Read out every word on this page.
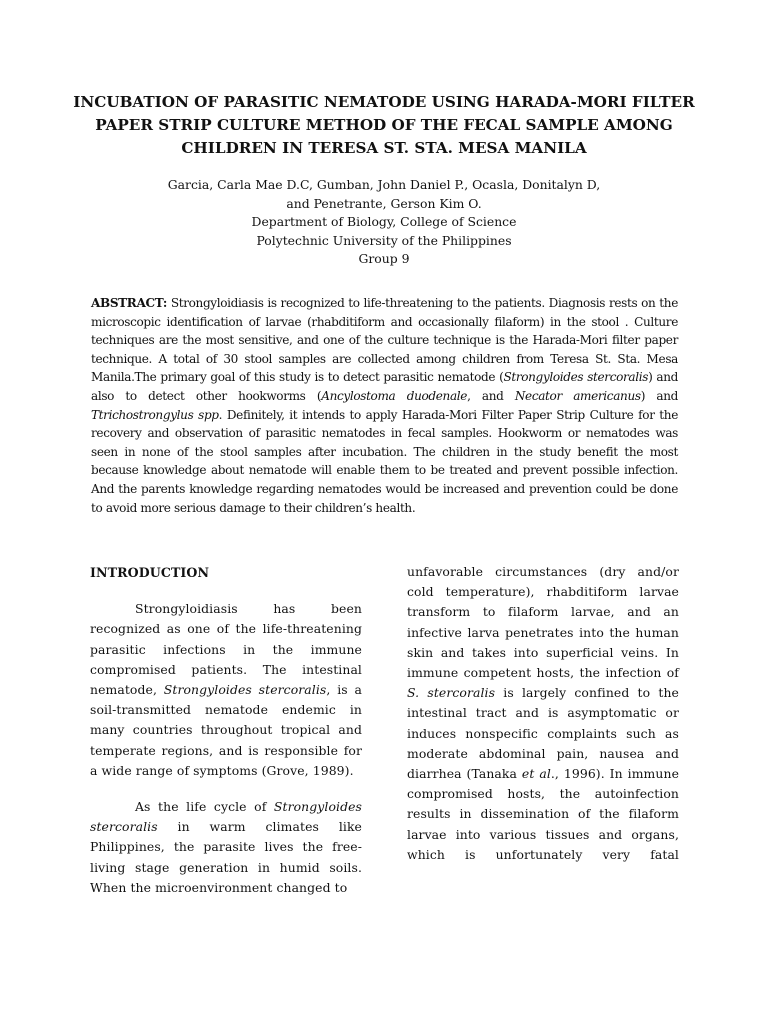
INCUBATION OF PARASITIC NEMATODE USING HARADA-MORI FILTER
PAPER STRIP CULTURE METHOD OF THE FECAL SAMPLE AMONG
CHILDREN IN TERESA ST. STA. MESA MANILA
Garcia, Carla Mae D.C, Gumban, John Daniel P., Ocasla, Donitalyn D,
and Penetrante, Gerson Kim O.
Department of Biology, College of Science
Polytechnic University of the Philippines
Group 9
ABSTRACT: Strongyloidiasis is recognized to life-threatening to the patients. Diagnosis rests on the
microscopic identification of larvae (rhabditiform and occasionally filaform) in the stool . Culture
techniques are the most sensitive, and one of the culture technique is the Harada-Mori filter paper
technique. A total of 30 stool samples are collected among children from Teresa St. Sta. Mesa
Manila.The primary goal of this study is to detect parasitic nematode (Strongyloides stercoralis) and
also to detect other hookworms (Ancylostoma duodenale, and Necator americanus) and
Ttrichostrongylus spp. Definitely, it intends to apply Harada-Mori Filter Paper Strip Culture for the
recovery and observation of parasitic nematodes in fecal samples. Hookworm or nematodes was
seen in none of the stool samples after incubation. The children in the study benefit the most
because knowledge about nematode will enable them to be treated and prevent possible infection.
And the parents knowledge regarding nematodes would be increased and prevention could be done
to avoid more serious damage to their children’s health.
INTRODUCTION
Strongyloidiasis has been
recognized as one of the life-threatening
parasitic infections in the immune
compromised patients. The intestinal
nematode, Strongyloides stercoralis, is a
soil-transmitted nematode endemic in
many countries throughout tropical and
temperate regions, and is responsible for
a wide range of symptoms (Grove, 1989).
As the life cycle of Strongyloides
stercoralis in warm climates like
Philippines, the parasite lives the free-
living stage generation in humid soils.
When the microenvironment changed to
unfavorable circumstances (dry and/or
cold temperature), rhabditiform larvae
transform to filaform larvae, and an
infective larva penetrates into the human
skin and takes into superficial veins. In
immune competent hosts, the infection of
S. stercoralis is largely confined to the
intestinal tract and is asymptomatic or
induces nonspecific complaints such as
moderate abdominal pain, nausea and
diarrhea (Tanaka et al., 1996). In immune
compromised hosts, the autoinfection
results in dissemination of the filaform
larvae into various tissues and organs,
which is unfortunately very fatal
